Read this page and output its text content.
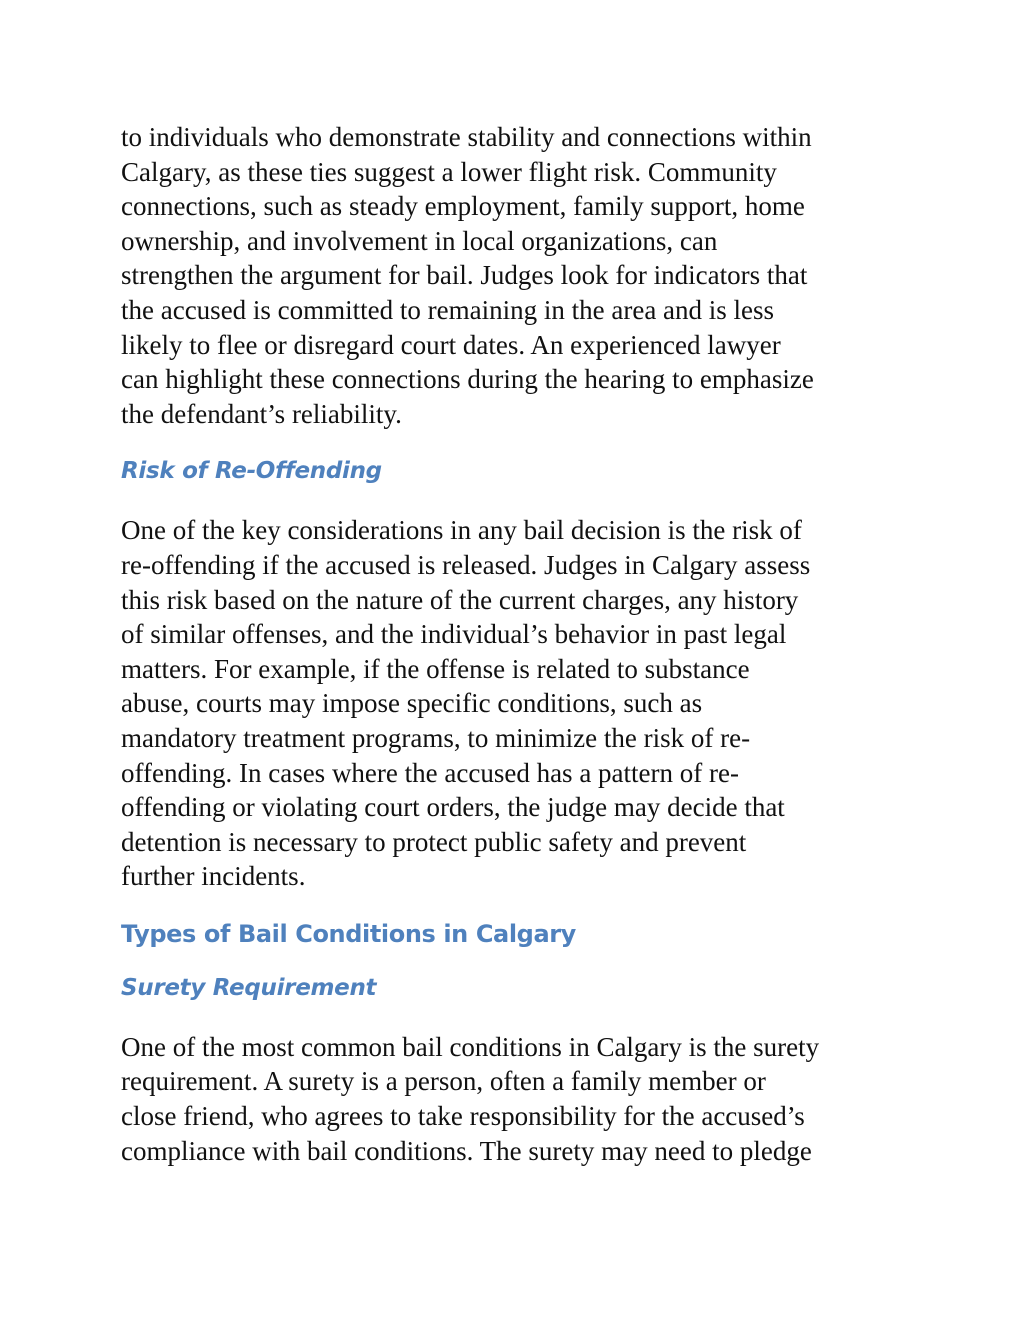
to individuals who demonstrate stability and connections within
Calgary, as these ties suggest a lower flight risk. Community
connections, such as steady employment, family support, home
ownership, and involvement in local organizations, can
strengthen the argument for bail. Judges look for indicators that
the accused is committed to remaining in the area and is less
likely to flee or disregard court dates. An experienced lawyer
can highlight these connections during the hearing to emphasize
the defendant’s reliability.

Risk of Re-Offending

One of the key considerations in any bail decision is the risk of
re-offending if the accused is released. Judges in Calgary assess
this risk based on the nature of the current charges, any history
of similar offenses, and the individual’s behavior in past legal
matters. For example, if the offense is related to substance
abuse, courts may impose specific conditions, such as
mandatory treatment programs, to minimize the risk of re-
offending. In cases where the accused has a pattern of re-
offending or violating court orders, the judge may decide that
detention is necessary to protect public safety and prevent
further incidents.

Types of Bail Conditions in Calgary
Surety Requirement

One of the most common bail conditions in Calgary is the surety
requirement. A surety is a person, often a family member or
close friend, who agrees to take responsibility for the accused’s
compliance with bail conditions. The surety may need to pledge
